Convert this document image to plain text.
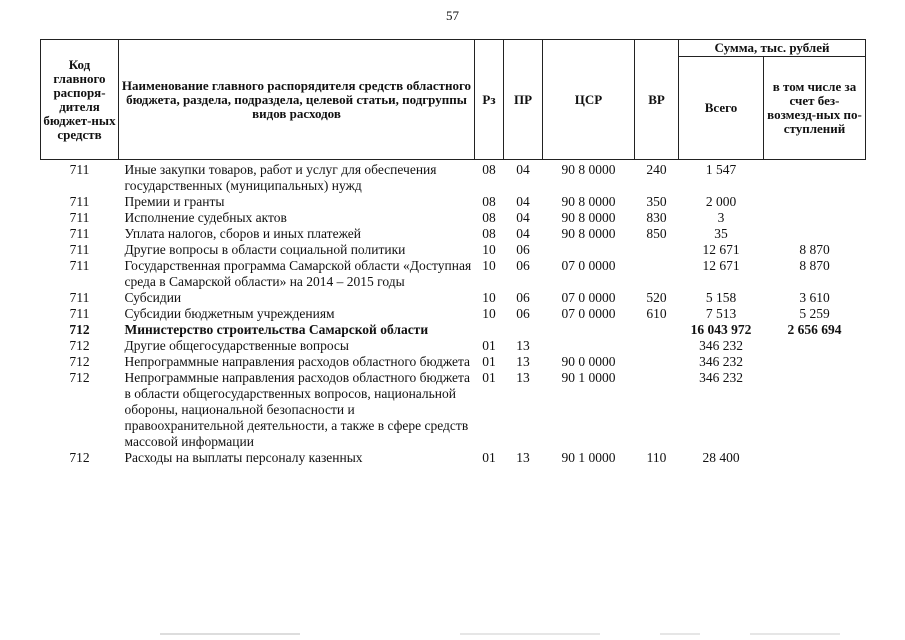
57
Код главного распоря-дителя бюджет-ных средств	Наименование главного распорядителя средств областного бюджета, раздела, подраздела, целевой статьи, подгруппы видов расходов	Рз	ПР	ЦСР	ВР	Сумма, тыс. рублей	
						Всего	в том числе за счет без-возмезд-ных по-ступлений
711	Иные закупки товаров, работ и услуг для обеспечения государственных (муниципальных) нужд	08	04	90 8 0000	240	1 547	
711	Премии и гранты	08	04	90 8 0000	350	2 000	
711	Исполнение судебных актов	08	04	90 8 0000	830	3	
711	Уплата налогов, сборов и иных платежей	08	04	90 8 0000	850	35	
711	Другие вопросы в области социальной политики	10	06			12 671	8 870
711	Государственная программа Самарской области «Доступная среда в Самарской области» на 2014 – 2015 годы	10	06	07 0 0000		12 671	8 870
711	Субсидии	10	06	07 0 0000	520	5 158	3 610
711	Субсидии бюджетным учреждениям	10	06	07 0 0000	610	7 513	5 259
712	Министерство строительства Самарской области					16 043 972	2 656 694
712	Другие общегосударственные вопросы	01	13			346 232	
712	Непрограммные направления расходов областного бюджета	01	13	90 0 0000		346 232	
712	Непрограммные направления расходов областного бюджета в области общегосударственных вопросов, национальной обороны, национальной безопасности и правоохранительной деятельности, а также в сфере средств массовой информации	01	13	90 1 0000		346 232	
712	Расходы на выплаты персоналу казенных	01	13	90 1 0000	110	28 400	
